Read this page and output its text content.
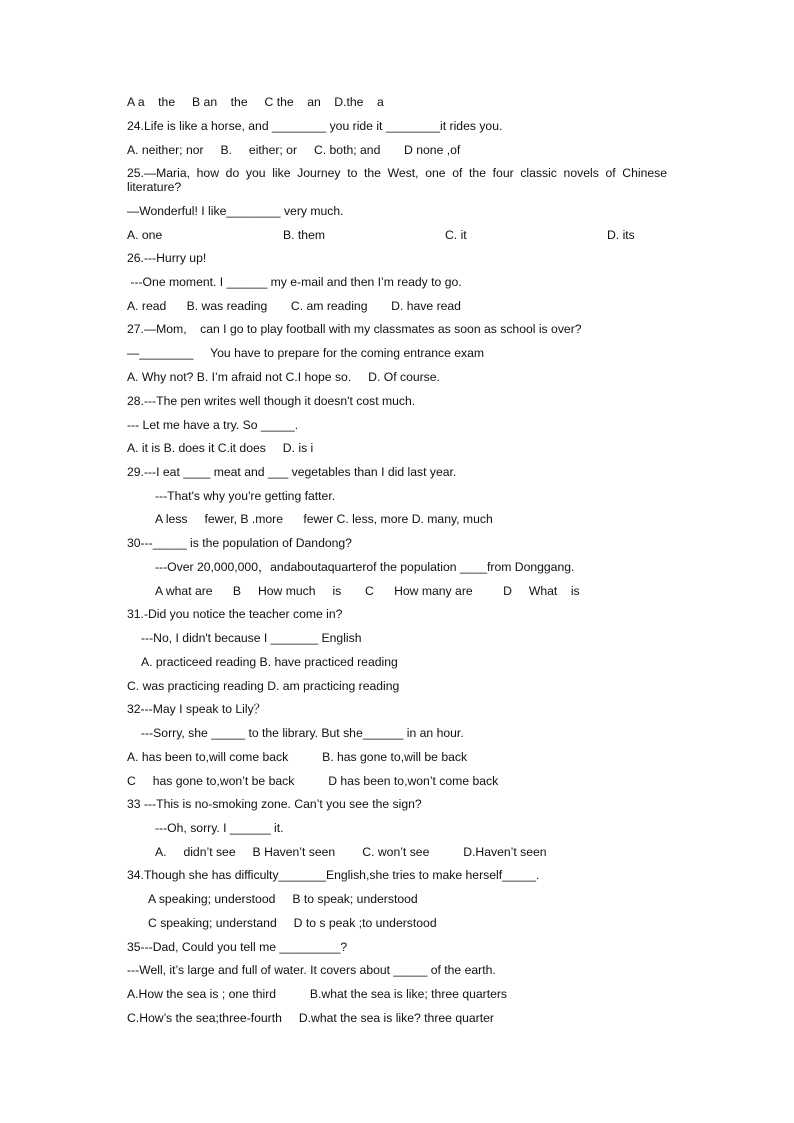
A a    the     B an    the     C the    an    D.the    a
24.Life is like a horse, and ________ you ride it ________it rides you.
A. neither; nor     B.     either; or     C. both; and       D none ,of
25.—Maria, how do you like Journey to the West, one of the four classic novels of Chinese literature?
—Wonderful! I like________ very much.
A. one	B. them	C. it	D. its
26.---Hurry up!
---One moment. I ______ my e-mail and then I’m ready to go.
A. read      B. was reading       C. am reading       D. have read
27.—Mom,    can I go to play football with my classmates as soon as school is over?
—________     You have to prepare for the coming entrance exam
A. Why not? B. I’m afraid not C.I hope so.     D. Of course.
28.---The pen writes well though it doesn't cost much.
--- Let me have a try. So _____.
A. it is B. does it C.it does     D. is i
29.---I eat ____ meat and ___ vegetables than I did last year.
---That's why you're getting fatter.
A less     fewer, B .more      fewer C. less, more D. many, much
30---_____ is the population of Dandong?
---Over 20,000,000，andaboutaquarterof the population ____from Donggang.
A what are      B     How much     is       C      How many are         D     What    is
31.-Did you notice the teacher come in?
---No, I didn't because I _______ English
A. practiceed reading B. have practiced reading
C. was practicing reading D. am practicing reading
32---May I speak to Lily？
---Sorry, she _____ to the library. But she______ in an hour.
A. has been to,will come back          B. has gone to,will be back
C     has gone to,won’t be back          D has been to,won’t come back
33 ---This is no-smoking zone. Can’t you see the sign?
---Oh, sorry. I ______ it.
A.     didn’t see     B Haven’t seen        C. won’t see          D.Haven’t seen
34.Though she has difficulty_______English,she tries to make herself_____.
A speaking; understood     B to speak; understood
C speaking; understand     D to s peak ;to understood
35---Dad, Could you tell me _________?
---Well, it’s large and full of water. It covers about _____ of the earth.
A.How the sea is ; one third          B.what the sea is like; three quarters
C.How’s the sea;three-fourth     D.what the sea is like? three quarter
